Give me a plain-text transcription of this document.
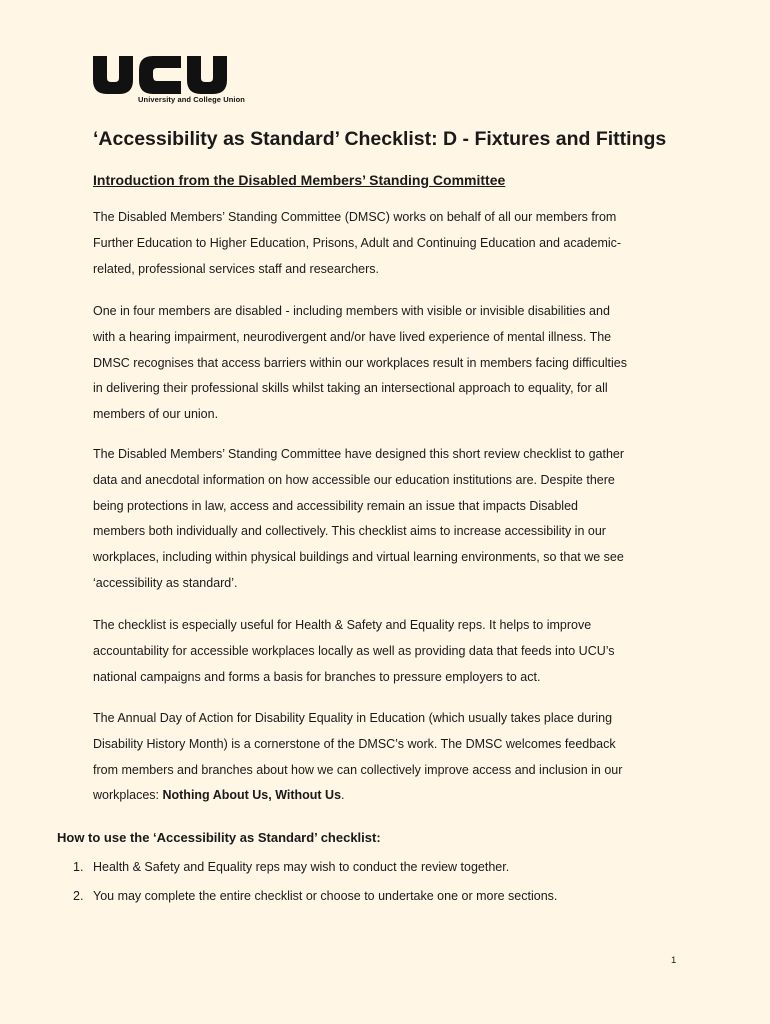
University and College Union
‘Accessibility as Standard’ Checklist: D - Fixtures and Fittings
Introduction from the Disabled Members’ Standing Committee
The Disabled Members’ Standing Committee (DMSC) works on behalf of all our members from
Further Education to Higher Education, Prisons, Adult and Continuing Education and academic-
related, professional services staff and researchers.
One in four members are disabled - including members with visible or invisible disabilities and
with a hearing impairment, neurodivergent and/or have lived experience of mental illness. The
DMSC recognises that access barriers within our workplaces result in members facing difficulties
in delivering their professional skills whilst taking an intersectional approach to equality, for all
members of our union.
The Disabled Members’ Standing Committee have designed this short review checklist to gather
data and anecdotal information on how accessible our education institutions are. Despite there
being protections in law, access and accessibility remain an issue that impacts Disabled
members both individually and collectively. This checklist aims to increase accessibility in our
workplaces, including within physical buildings and virtual learning environments, so that we see
‘accessibility as standard’.
The checklist is especially useful for Health & Safety and Equality reps. It helps to improve
accountability for accessible workplaces locally as well as providing data that feeds into UCU’s
national campaigns and forms a basis for branches to pressure employers to act.
The Annual Day of Action for Disability Equality in Education (which usually takes place during
Disability History Month) is a cornerstone of the DMSC’s work. The DMSC welcomes feedback
from members and branches about how we can collectively improve access and inclusion in our
workplaces: Nothing About Us, Without Us.
How to use the ‘Accessibility as Standard’ checklist:
1. Health & Safety and Equality reps may wish to conduct the review together.
2. You may complete the entire checklist or choose to undertake one or more sections.
1
